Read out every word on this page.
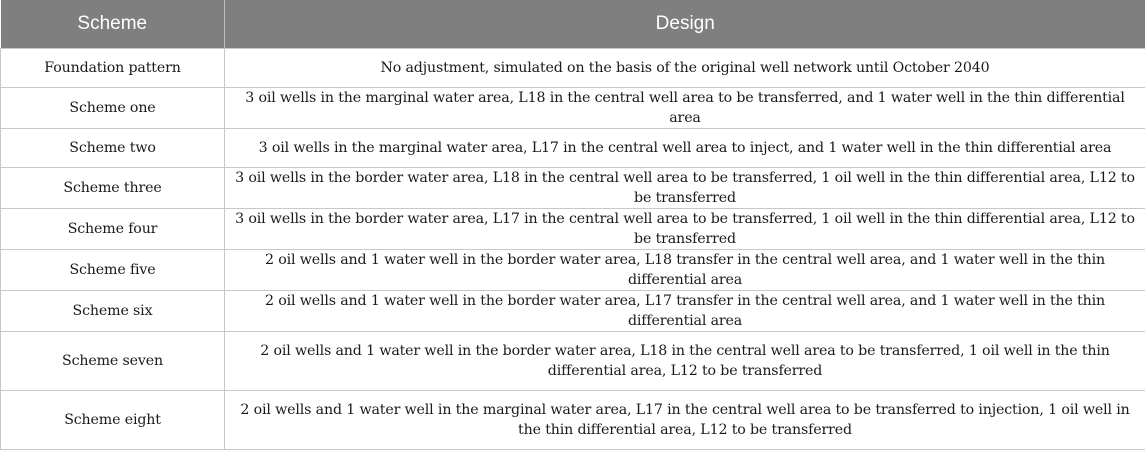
Scheme	Design
Foundation pattern	No adjustment, simulated on the basis of the original well network until October 2040
Scheme one	3 oil wells in the marginal water area, L18 in the central well area to be transferred, and 1 water well in the thin differential area
Scheme two	3 oil wells in the marginal water area, L17 in the central well area to inject, and 1 water well in the thin differential area
Scheme three	3 oil wells in the border water area, L18 in the central well area to be transferred, 1 oil well in the thin differential area, L12 to be transferred
Scheme four	3 oil wells in the border water area, L17 in the central well area to be transferred, 1 oil well in the thin differential area, L12 to be transferred
Scheme five	2 oil wells and 1 water well in the border water area, L18 transfer in the central well area, and 1 water well in the thin differential area
Scheme six	2 oil wells and 1 water well in the border water area, L17 transfer in the central well area, and 1 water well in the thin differential area
Scheme seven	2 oil wells and 1 water well in the border water area, L18 in the central well area to be transferred, 1 oil well in the thin differential area, L12 to be transferred
Scheme eight	2 oil wells and 1 water well in the marginal water area, L17 in the central well area to be transferred to injection, 1 oil well in the thin differential area, L12 to be transferred
